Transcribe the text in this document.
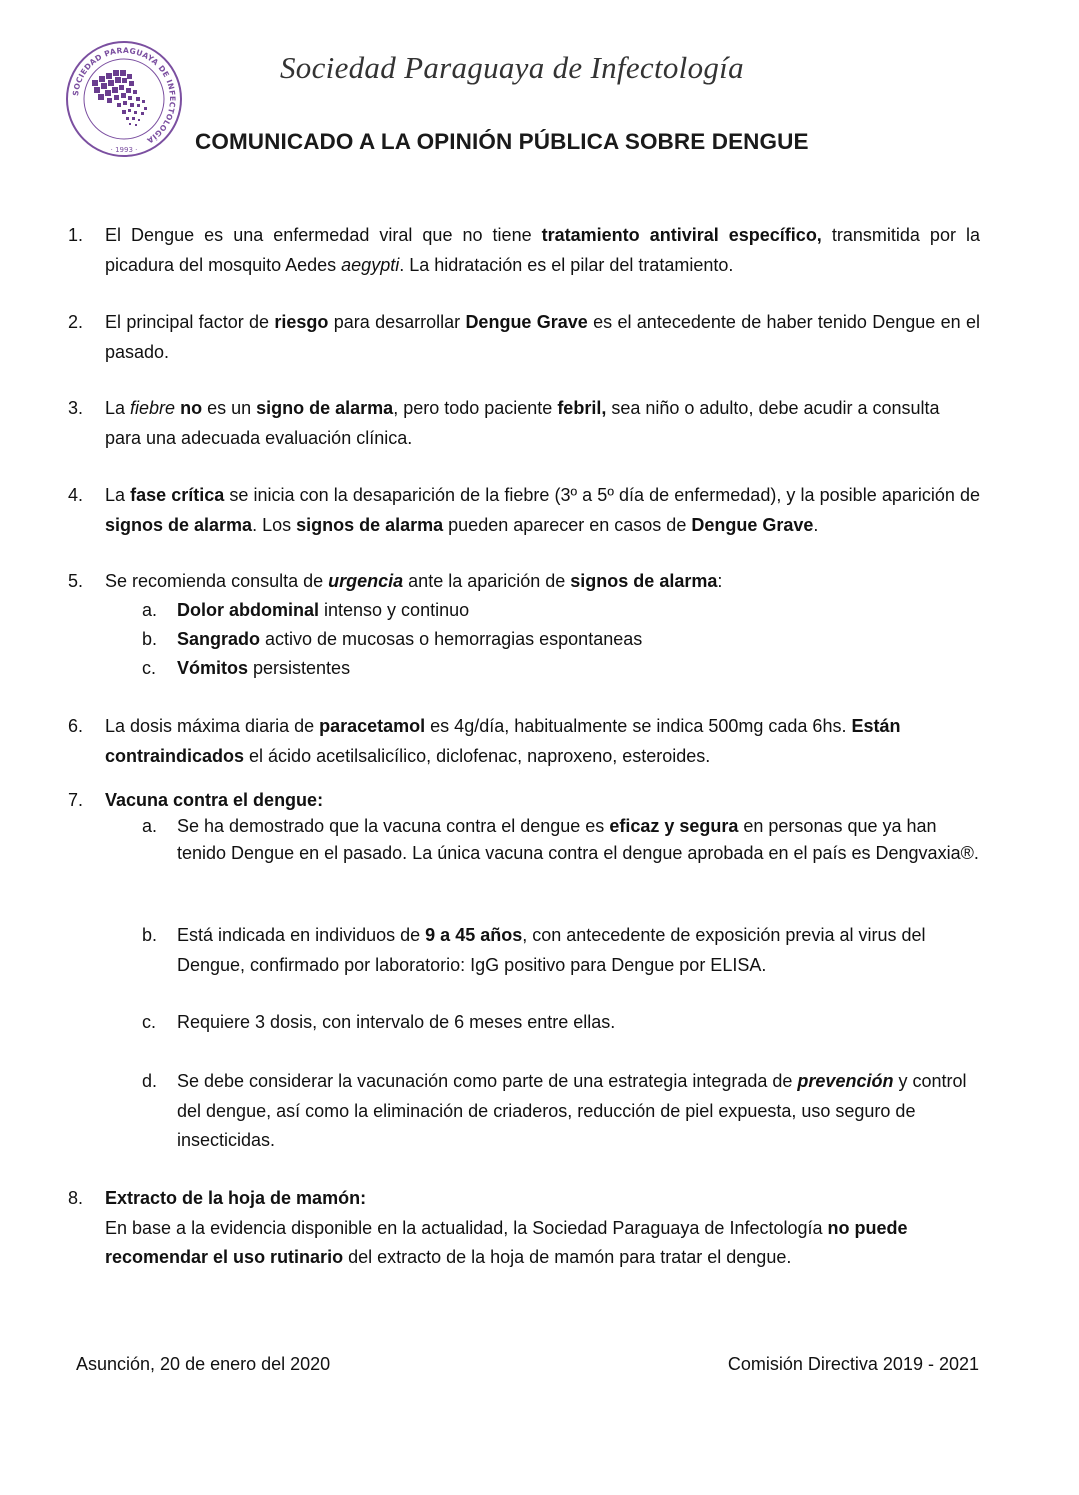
SOCIEDAD PARAGUAYA DE INFECTOLOGÍA
· 1993 ·
Sociedad Paraguaya de Infectología
COMUNICADO A LA OPINIÓN PÚBLICA SOBRE DENGUE
1. El Dengue es una enfermedad viral que no tiene tratamiento antiviral específico, transmitida por la picadura del mosquito Aedes aegypti. La hidratación es el pilar del tratamiento.
2. El principal factor de riesgo para desarrollar Dengue Grave es el antecedente de haber tenido Dengue en el pasado.
3. La fiebre no es un signo de alarma, pero todo paciente febril, sea niño o adulto, debe acudir a consulta para una adecuada evaluación clínica.
4. La fase crítica se inicia con la desaparición de la fiebre (3º a 5º día de enfermedad), y la posible aparición de signos de alarma. Los signos de alarma pueden aparecer en casos de Dengue Grave.
5. Se recomienda consulta de urgencia ante la aparición de signos de alarma:
a. Dolor abdominal intenso y continuo
b. Sangrado activo de mucosas o hemorragias espontaneas
c. Vómitos persistentes
6. La dosis máxima diaria de paracetamol es 4g/día, habitualmente se indica 500mg cada 6hs. Están contraindicados el ácido acetilsalicílico, diclofenac, naproxeno, esteroides.
7. Vacuna contra el dengue:
a. Se ha demostrado que la vacuna contra el dengue es eficaz y segura en personas que ya han tenido Dengue en el pasado. La única vacuna contra el dengue aprobada en el país es Dengvaxia®.
b. Está indicada en individuos de 9 a 45 años, con antecedente de exposición previa al virus del Dengue, confirmado por laboratorio: IgG positivo para Dengue por ELISA.
c. Requiere 3 dosis, con intervalo de 6 meses entre ellas.
d. Se debe considerar la vacunación como parte de una estrategia integrada de prevención y control del dengue, así como la eliminación de criaderos, reducción de piel expuesta, uso seguro de insecticidas.
8. Extracto de la hoja de mamón:
En base a la evidencia disponible en la actualidad, la Sociedad Paraguaya de Infectología no puede recomendar el uso rutinario del extracto de la hoja de mamón para tratar el dengue.
Asunción, 20 de enero del 2020	Comisión Directiva 2019 - 2021
